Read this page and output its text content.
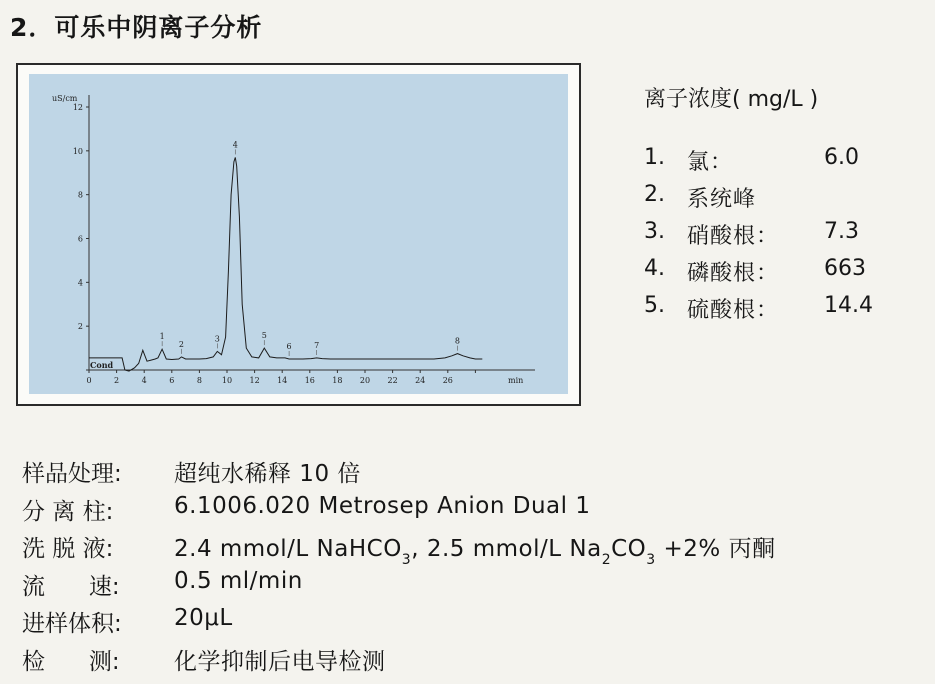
2．可乐中阴离子分析
uS/cm
min
Cond
0	2	4	6	8 10 12 14 16 18 20 22 24 26
2
4
6
8
10
12
1
2
3
4
5
6	7	8
离子浓度( mg/L )
1. 氯：	6.0
2. 系统峰
3. 硝酸根： 7.3
4. 磷酸根： 663
5. 硫酸根： 14.4
样品处理: 超纯水稀释 10 倍
分 离 柱:	6.1006.020 Metrosep Anion Dual 1
洗 脱 液:	2.4 mmol/L NaHCO$_3$, 2.5 mmol/L $Na_2CO_3 +2\%$ 丙酮
流      速: 0.5 ml/min
进样体积: 20μL
检      测: 化学抑制后电导检测
